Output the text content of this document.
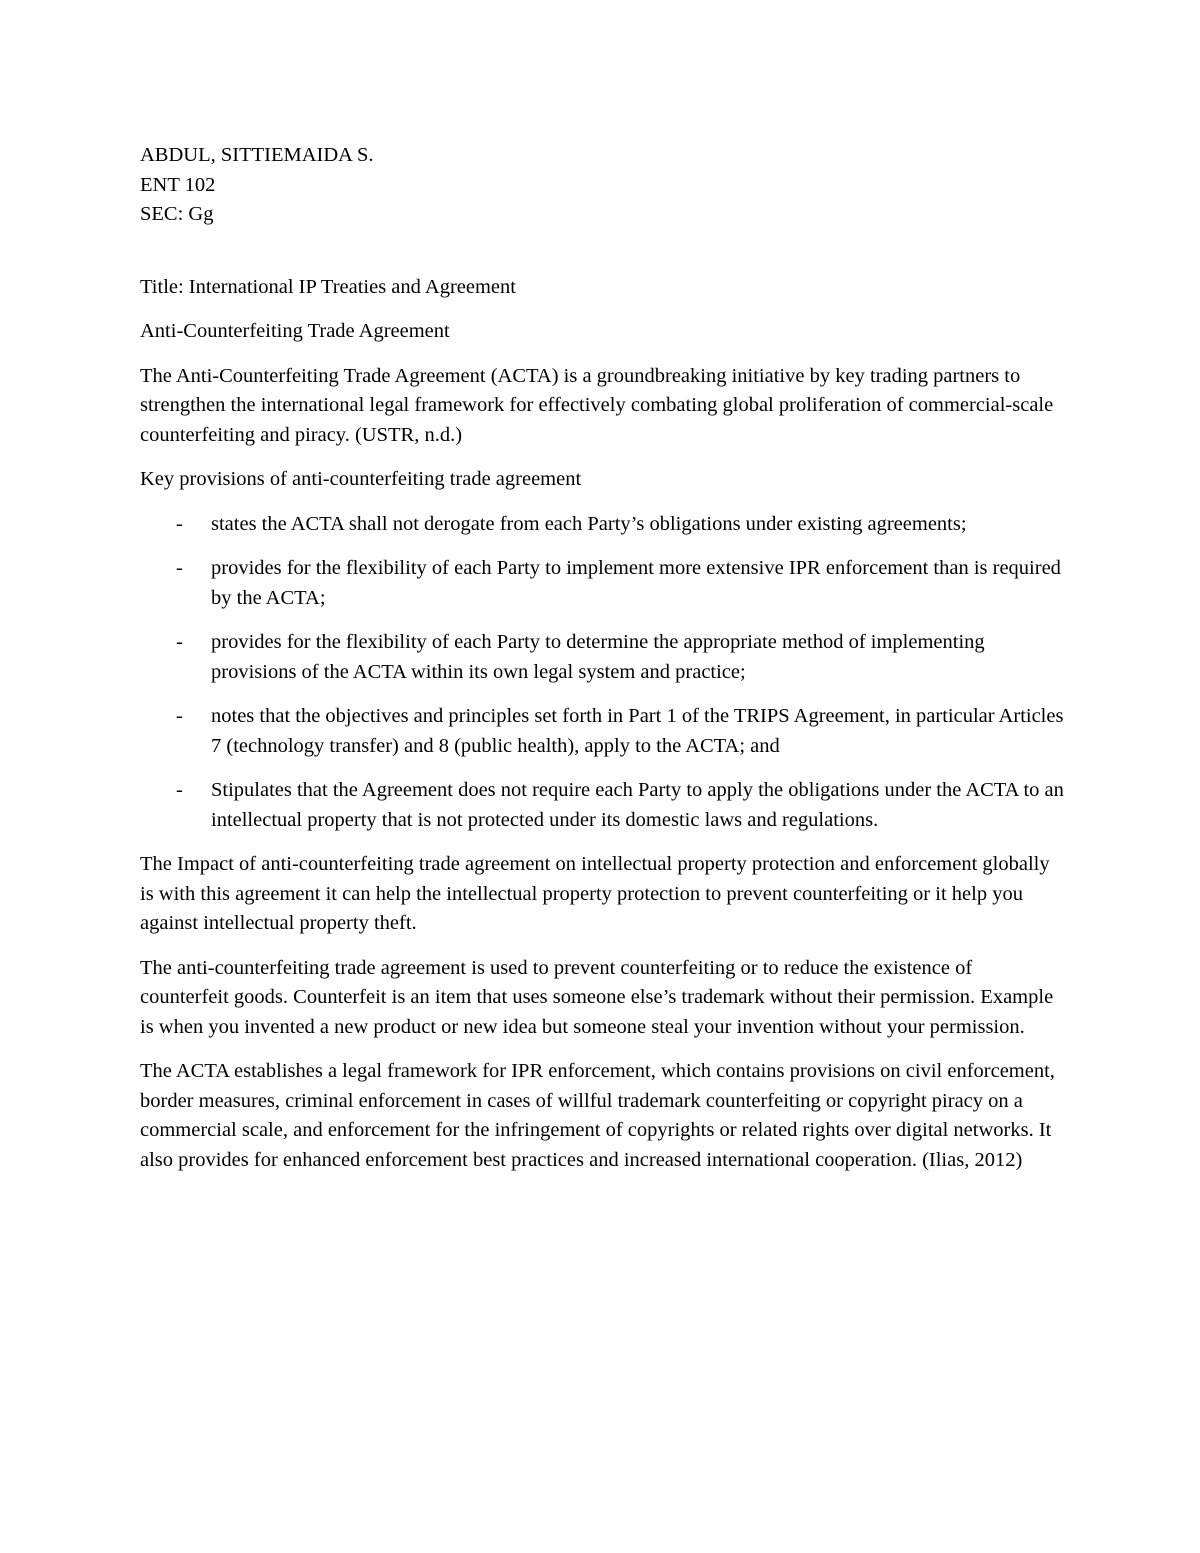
ABDUL, SITTIEMAIDA S.
ENT 102
SEC: Gg
Title: International IP Treaties and Agreement
Anti-Counterfeiting Trade Agreement

The Anti-Counterfeiting Trade Agreement (ACTA) is a groundbreaking initiative by key trading partners to strengthen the international legal framework for effectively combating global proliferation of commercial-scale counterfeiting and piracy. (USTR, n.d.)

Key provisions of anti-counterfeiting trade agreement
- states the ACTA shall not derogate from each Party’s obligations under existing agreements;
- provides for the flexibility of each Party to implement more extensive IPR enforcement than is required by the ACTA;
- provides for the flexibility of each Party to determine the appropriate method of implementing provisions of the ACTA within its own legal system and practice;
- notes that the objectives and principles set forth in Part 1 of the TRIPS Agreement, in particular Articles 7 (technology transfer) and 8 (public health), apply to the ACTA; and
- Stipulates that the Agreement does not require each Party to apply the obligations under the ACTA to an intellectual property that is not protected under its domestic laws and regulations.
The Impact of anti-counterfeiting trade agreement on intellectual property protection and enforcement globally is with this agreement it can help the intellectual property protection to prevent counterfeiting or it help you against intellectual property theft.
The anti-counterfeiting trade agreement is used to prevent counterfeiting or to reduce the existence of counterfeit goods. Counterfeit is an item that uses someone else’s trademark without their permission. Example is when you invented a new product or new idea but someone steal your invention without your permission.
The ACTA establishes a legal framework for IPR enforcement, which contains provisions on civil enforcement, border measures, criminal enforcement in cases of willful trademark counterfeiting or copyright piracy on a commercial scale, and enforcement for the infringement of copyrights or related rights over digital networks. It also provides for enhanced enforcement best practices and increased international cooperation. (Ilias, 2012)
